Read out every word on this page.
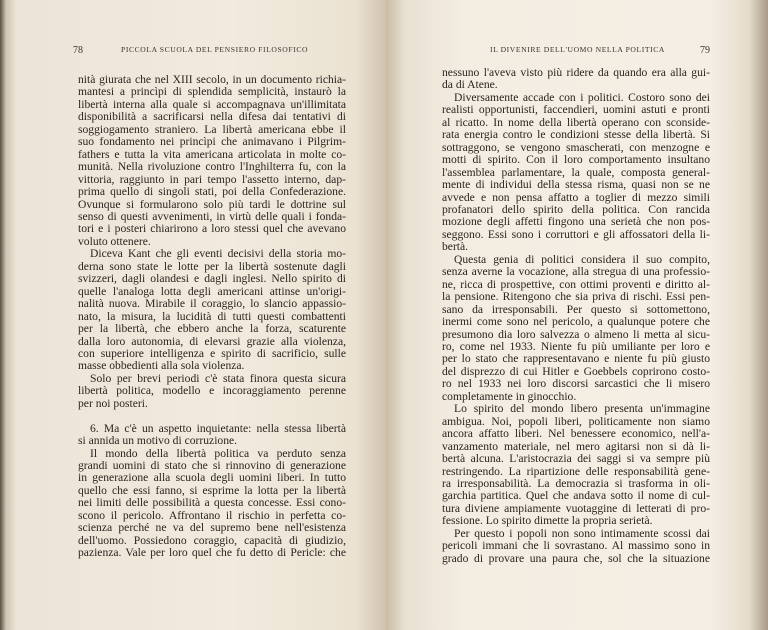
78	PICCOLA SCUOLA DEL PENSIERO FILOSOFICO
nità giurata che nel XIII secolo, in un documento richia-
mantesi a princìpi di splendida semplicità, instaurò la
libertà interna alla quale si accompagnava un'illimitata
disponibilità a sacrificarsi nella difesa dai tentativi di
soggiogamento straniero. La libertà americana ebbe il
suo fondamento nei princìpi che animavano i Pilgrim-
fathers e tutta la vita americana articolata in molte co-
munità. Nella rivoluzione contro l'Inghilterra fu, con la
vittoria, raggiunto in pari tempo l'assetto interno, dap-
prima quello di singoli stati, poi della Confederazione.
Ovunque si formularono solo più tardi le dottrine sul
senso di questi avvenimenti, in virtù delle quali i fonda-
tori e i posteri chiarirono a loro stessi quel che avevano
voluto ottenere.
Diceva Kant che gli eventi decisivi della storia mo-
derna sono state le lotte per la libertà sostenute dagli
svizzeri, dagli olandesi e dagli inglesi. Nello spirito di
quelle l'analoga lotta degli americani attinse un'origi-
nalità nuova. Mirabile il coraggio, lo slancio appassio-
nato, la misura, la lucidità di tutti questi combattenti
per la libertà, che ebbero anche la forza, scaturente
dalla loro autonomia, di elevarsi grazie alla violenza,
con superiore intelligenza e spirito di sacrificio, sulle
masse obbedienti alla sola violenza.
Solo per brevi periodi c'è stata finora questa sicura
libertà politica, modello e incoraggiamento perenne
per noi posteri.
6. Ma c'è un aspetto inquietante: nella stessa libertà
si annida un motivo di corruzione.
Il mondo della libertà politica va perduto senza
grandi uomini di stato che si rinnovino di generazione
in generazione alla scuola degli uomini liberi. In tutto
quello che essi fanno, si esprime la lotta per la libertà
nei limiti delle possibilità a questa concesse. Essi cono-
scono il pericolo. Affrontano il rischio in perfetta co-
scienza perché ne va del supremo bene nell'esistenza
dell'uomo. Possiedono coraggio, capacità di giudizio,
pazienza. Vale per loro quel che fu detto di Pericle: che
IL DIVENIRE DELL'UOMO NELLA POLITICA	79
nessuno l'aveva visto più ridere da quando era alla gui-
da di Atene.
Diversamente accade con i politici. Costoro sono dei
realisti opportunisti, faccendieri, uomini astuti e pronti
al ricatto. In nome della libertà operano con sconside-
rata energia contro le condizioni stesse della libertà. Si
sottraggono, se vengono smascherati, con menzogne e
motti di spirito. Con il loro comportamento insultano
l'assemblea parlamentare, la quale, composta general-
mente di individui della stessa risma, quasi non se ne
avvede e non pensa affatto a toglier di mezzo simili
profanatori dello spirito della politica. Con rancida
mozione degli affetti fingono una serietà che non pos-
seggono. Essi sono i corruttori e gli affossatori della li-
bertà.
Questa genia di politici considera il suo compito,
senza averne la vocazione, alla stregua di una professio-
ne, ricca di prospettive, con ottimi proventi e diritto al-
la pensione. Ritengono che sia priva di rischi. Essi pen-
sano da irresponsabili. Per questo si sottomettono,
inermi come sono nel pericolo, a qualunque potere che
presumono dia loro salvezza o almeno li metta al sicu-
ro, come nel 1933. Niente fu più umiliante per loro e
per lo stato che rappresentavano e niente fu più giusto
del disprezzo di cui Hitler e Goebbels coprirono costo-
ro nel 1933 nei loro discorsi sarcastici che li misero
completamente in ginocchio.
Lo spirito del mondo libero presenta un'immagine
ambigua. Noi, popoli liberi, politicamente non siamo
ancora affatto liberi. Nel benessere economico, nell'a-
vanzamento materiale, nel mero agitarsi non si dà li-
bertà alcuna. L'aristocrazia dei saggi si va sempre più
restringendo. La ripartizione delle responsabilità gene-
ra irresponsabilità. La democrazia si trasforma in oli-
garchia partitica. Quel che andava sotto il nome di cul-
tura diviene ampiamente vuotaggine di letterati di pro-
fessione. Lo spirito dimette la propria serietà.
Per questo i popoli non sono intimamente scossi dai
pericoli immani che li sovrastano. Al massimo sono in
grado di provare una paura che, sol che la situazione
